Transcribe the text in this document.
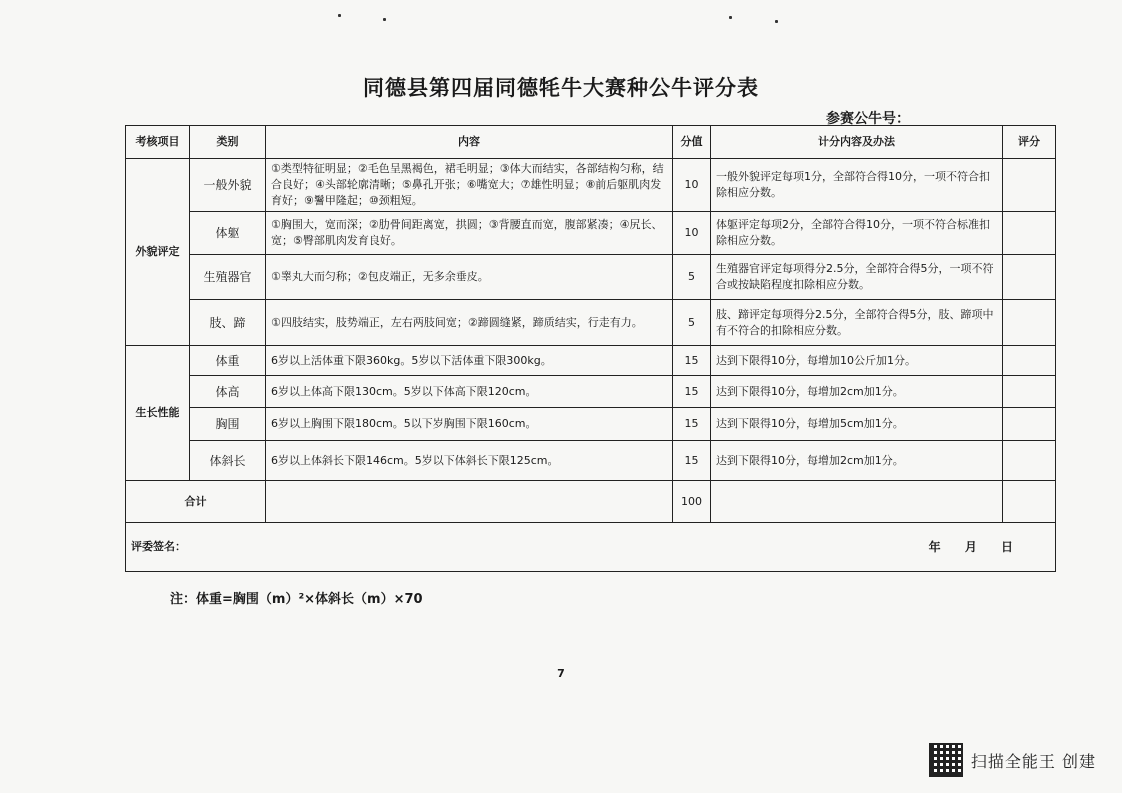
同德县第四届同德牦牛大赛种公牛评分表
参赛公牛号：
考核项目	类别	内容	分值	计分内容及办法	评分
外貌评定	一般外貌	①类型特征明显；②毛色呈黑褐色，裙毛明显；③体大而结实，各部结构匀称，结合良好；④头部轮廓清晰；⑤鼻孔开张；⑥嘴宽大；⑦雄性明显；⑧前后躯肌肉发育好；⑨鬐甲隆起；⑩颈粗短。	10	一般外貌评定每项1分，全部符合得10分，一项不符合扣除相应分数。	
	体躯	①胸围大，宽而深；②肋骨间距离宽，拱圆；③背腰直而宽，腹部紧凑；④尻长、宽；⑤臀部肌肉发育良好。	10	体躯评定每项2分，全部符合得10分，一项不符合标准扣除相应分数。	
	生殖器官	①睾丸大而匀称；②包皮端正，无多余垂皮。	5	生殖器官评定每项得分2.5分，全部符合得5分，一项不符合或按缺陷程度扣除相应分数。	
	肢、蹄	①四肢结实，肢势端正，左右两肢间宽；②蹄圆缝紧，蹄质结实，行走有力。	5	肢、蹄评定每项得分2.5分，全部符合得5分，肢、蹄项中有不符合的扣除相应分数。	
生长性能	体重	6岁以上活体重下限360kg。5岁以下活体重下限300kg。	15	达到下限得10分，每增加10公斤加1分。	
	体高	6岁以上体高下限130cm。5岁以下体高下限120cm。	15	达到下限得10分，每增加2cm加1分。	
	胸围	6岁以上胸围下限180cm。5以下岁胸围下限160cm。	15	达到下限得10分，每增加5cm加1分。	
	体斜长	6岁以上体斜长下限146cm。5岁以下体斜长下限125cm。	15	达到下限得10分，每增加2cm加1分。	
合计			100		
评委签名： 年 月 日					
注：体重=胸围（m）²×体斜长（m）×70
7
扫描全能王 创建
